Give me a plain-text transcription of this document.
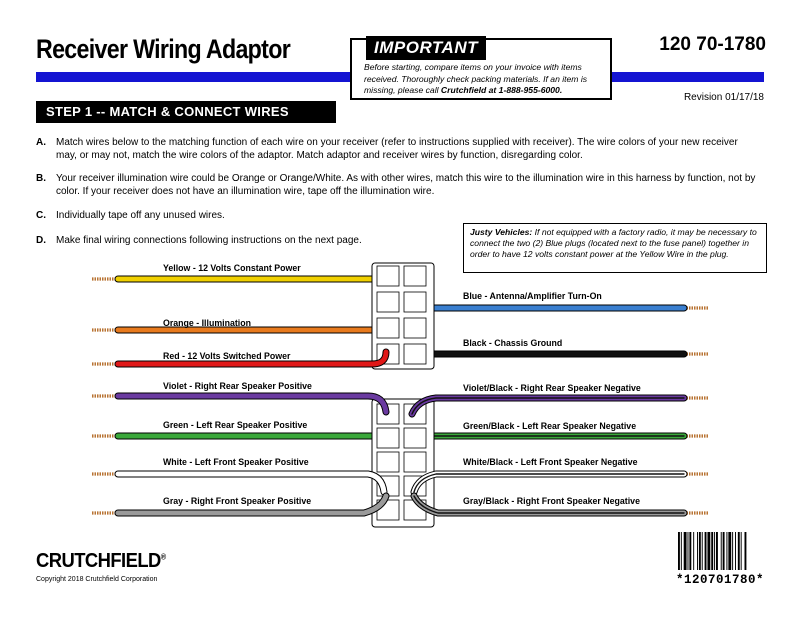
Receiver Wiring Adaptor	120 70-1780
IMPORTANT
Before starting, compare items on your invoice with items received. Thoroughly check packing materials. If an item is missing, please call Crutchfield at 1-888-955-6000.
Revision 01/17/18
STEP 1 -- MATCH & CONNECT WIRES
A. Match wires below to the matching function of each wire on your receiver (refer to instructions supplied with receiver). The wire colors of your new receiver may, or may not, match the wire colors of the adaptor. Match adaptor and receiver wires by function, disregarding color.
B. Your receiver illumination wire could be Orange or Orange/White. As with other wires, match this wire to the illumination wire in this harness by function, not by color. If your receiver does not have an illumination wire, tape off the illumination wire.
C. Individually tape off any unused wires.
D. Make final wiring connections following instructions on the next page.
Justy Vehicles: If not equipped with a factory radio, it may be necessary to connect the two (2) Blue plugs (located next to the fuse panel) together in order to have 12 volts constant power at the Yellow Wire in the plug.
Yellow - 12 Volts Constant Power
Orange - Illumination
Red - 12 Volts Switched Power
Violet - Right Rear Speaker Positive
Green - Left Rear Speaker Positive
White - Left Front Speaker Positive
Gray - Right Front Speaker Positive
Blue - Antenna/Amplifier Turn-On
Black - Chassis Ground
Violet/Black - Right Rear Speaker Negative
Green/Black - Left Rear Speaker Negative
White/Black - Left Front Speaker Negative
Gray/Black - Right Front Speaker Negative
CRUTCHFIELD®
Copyright 2018 Crutchfield Corporation	*120701780*
